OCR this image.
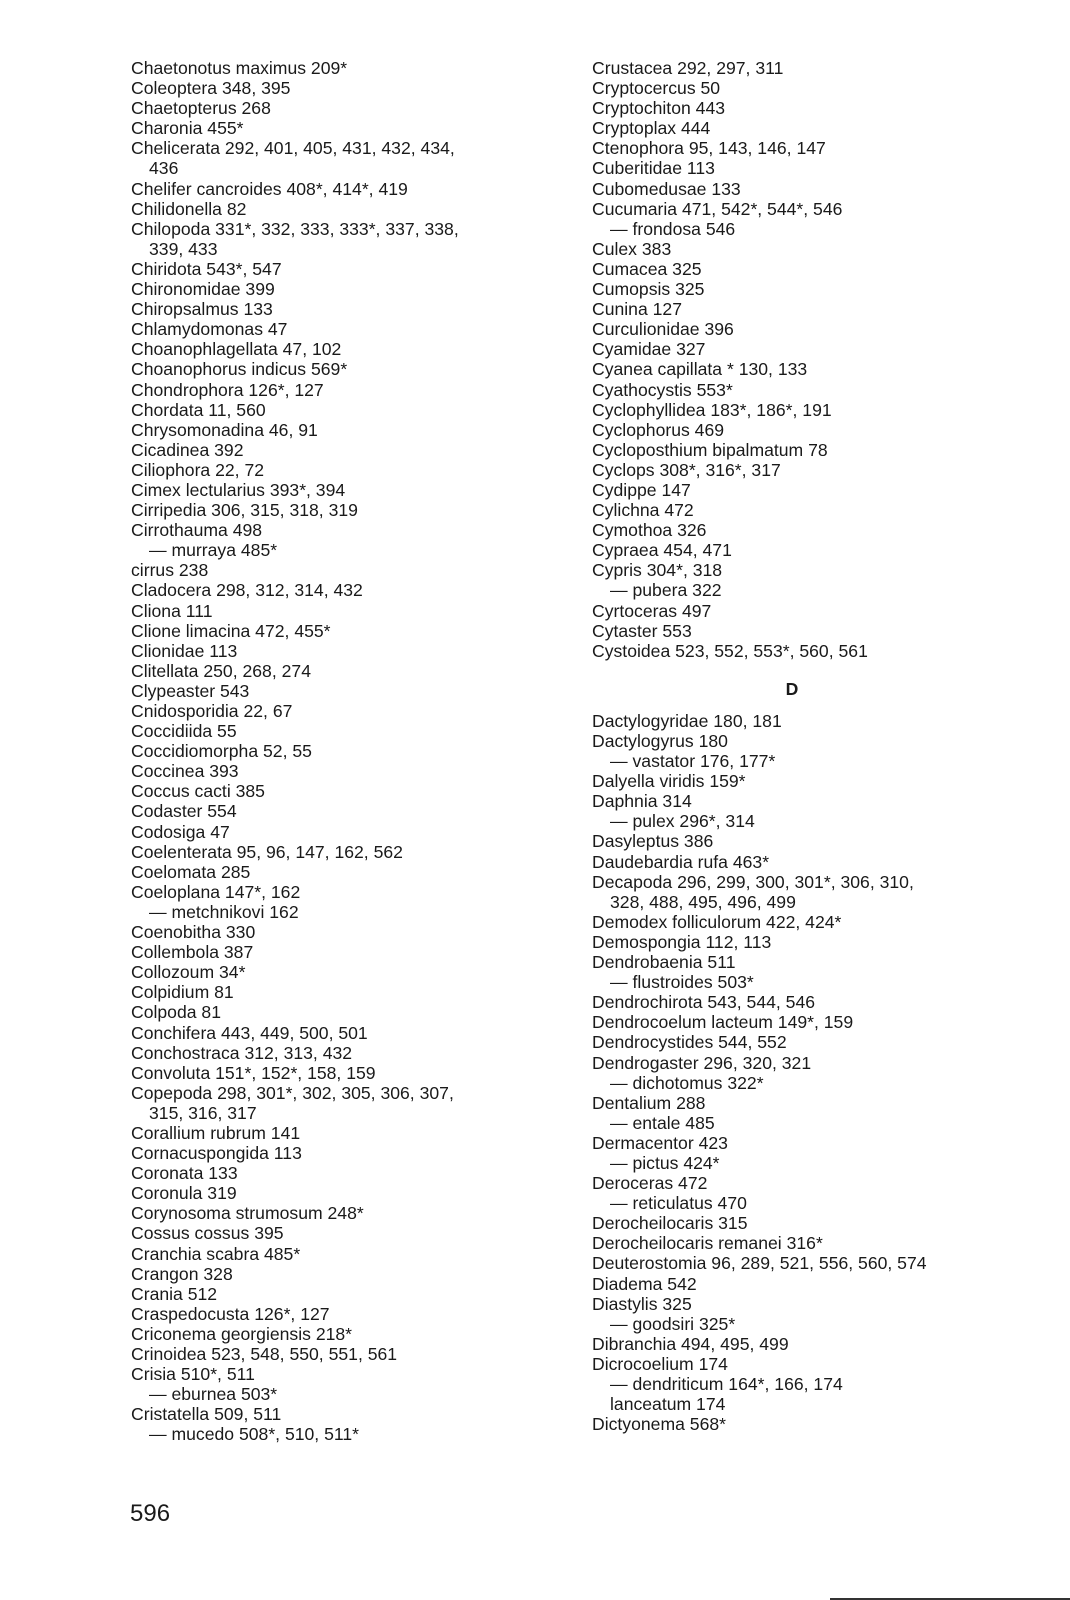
Chaetonotus maximus 209*
Coleoptera 348, 395
Chaetopterus 268
Charonia 455*
Chelicerata 292, 401, 405, 431, 432, 434,
436
Chelifer cancroides 408*, 414*, 419
Chilidonella 82
Chilopoda 331*, 332, 333, 333*, 337, 338,
339, 433
Chiridota 543*, 547
Chironomidae 399
Chiropsalmus 133
Chlamydomonas 47
Choanophlagellata 47, 102
Choanophorus indicus 569*
Chondrophora 126*, 127
Chordata 11, 560
Chrysomonadina 46, 91
Cicadinea 392
Ciliophora 22, 72
Cimex lectularius 393*, 394
Cirripedia 306, 315, 318, 319
Cirrothauma 498
— murraya 485*
cirrus 238
Cladocera 298, 312, 314, 432
Cliona 111
Clione limacina 472, 455*
Clionidae 113
Clitellata 250, 268, 274
Clypeaster 543
Cnidosporidia 22, 67
Coccidiida 55
Coccidiomorpha 52, 55
Coccinea 393
Coccus cacti 385
Codaster 554
Codosiga 47
Coelenterata 95, 96, 147, 162, 562
Coelomata 285
Coeloplana 147*, 162
— metchnikovi 162
Coenobitha 330
Collembola 387
Collozoum 34*
Colpidium 81
Colpoda 81
Conchifera 443, 449, 500, 501
Conchostraca 312, 313, 432
Convoluta 151*, 152*, 158, 159
Copepoda 298, 301*, 302, 305, 306, 307,
315, 316, 317
Corallium rubrum 141
Cornacuspongida 113
Coronata 133
Coronula 319
Corynosoma strumosum 248*
Cossus cossus 395
Cranchia scabra 485*
Crangon 328
Crania 512
Craspedocusta 126*, 127
Criconema georgiensis 218*
Crinoidea 523, 548, 550, 551, 561
Crisia 510*, 511
— eburnea 503*
Cristatella 509, 511
— mucedo 508*, 510, 511*
Crustacea 292, 297, 311
Cryptocercus 50
Cryptochiton 443
Cryptoplax 444
Ctenophora 95, 143, 146, 147
Cuberitidae 113
Cubomedusae 133
Cucumaria 471, 542*, 544*, 546
— frondosa 546
Culex 383
Cumacea 325
Cumopsis 325
Cunina 127
Curculionidae 396
Cyamidae 327
Cyanea capillata * 130, 133
Cyathocystis 553*
Cyclophyllidea 183*, 186*, 191
Cyclophorus 469
Cycloposthium bipalmatum 78
Cyclops 308*, 316*, 317
Cydippe 147
Cylichna 472
Cymothoa 326
Cypraea 454, 471
Cypris 304*, 318
— pubera 322
Cyrtoceras 497
Cytaster 553
Cystoidea 523, 552, 553*, 560, 561
D
Dactylogyridae 180, 181
Dactylogyrus 180
— vastator 176, 177*
Dalyella viridis 159*
Daphnia 314
— pulex 296*, 314
Dasyleptus 386
Daudebardia rufa 463*
Decapoda 296, 299, 300, 301*, 306, 310,
328, 488, 495, 496, 499
Demodex folliculorum 422, 424*
Demospongia 112, 113
Dendrobaenia 511
— flustroides 503*
Dendrochirota 543, 544, 546
Dendrocoelum lacteum 149*, 159
Dendrocystides 544, 552
Dendrogaster 296, 320, 321
— dichotomus 322*
Dentalium 288
— entale 485
Dermacentor 423
— pictus 424*
Deroceras 472
— reticulatus 470
Derocheilocaris 315
Derocheilocaris remanei 316*
Deuterostomia 96, 289, 521, 556, 560, 574
Diadema 542
Diastylis 325
— goodsiri 325*
Dibranchia 494, 495, 499
Dicrocoelium 174
— dendriticum 164*, 166, 174
lanceatum 174
Dictyonema 568*
596
